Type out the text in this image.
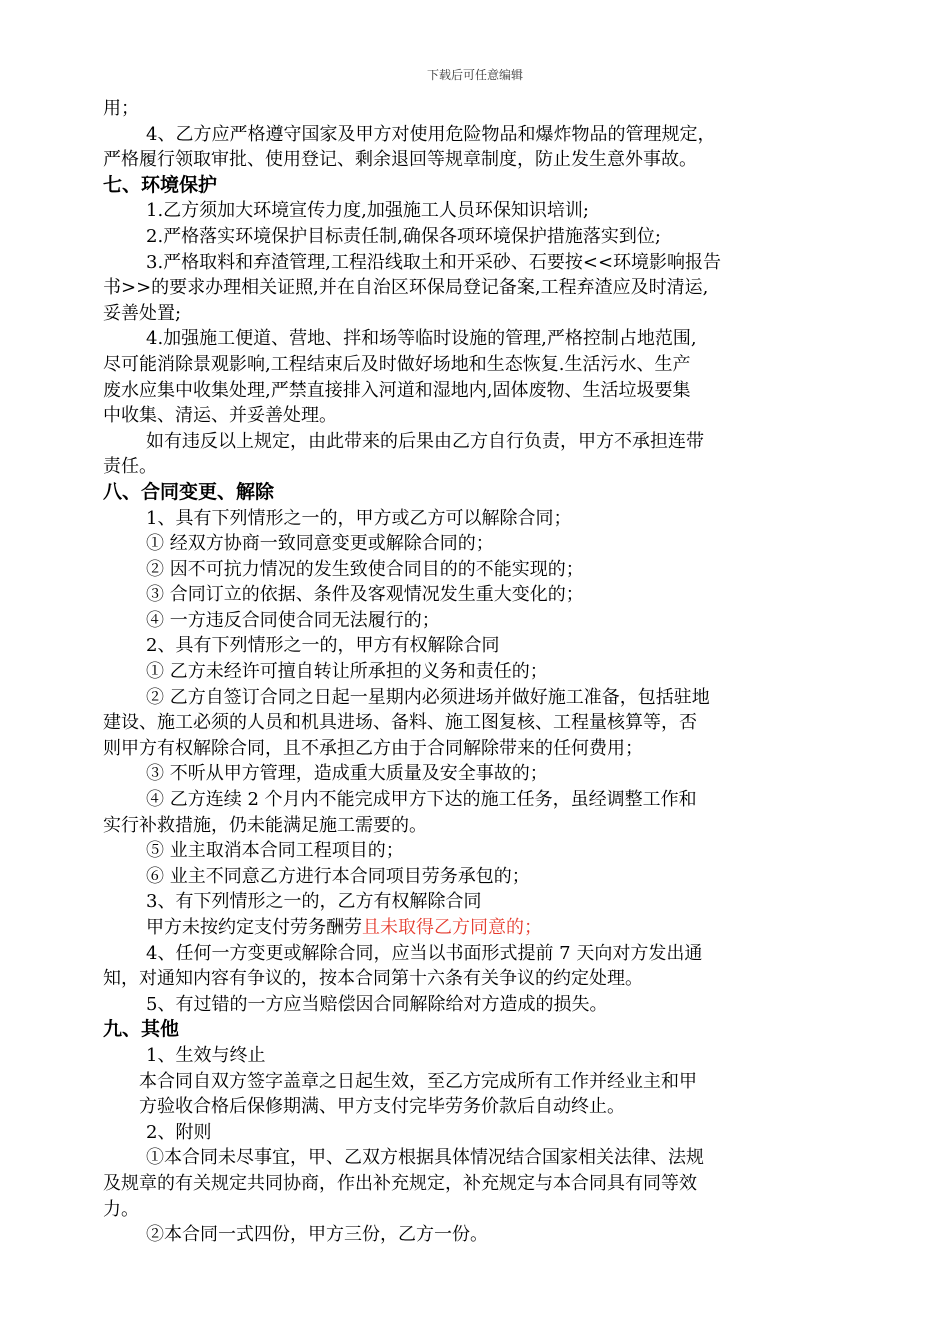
下载后可任意编辑

用；

4、乙方应严格遵守国家及甲方对使用危险物品和爆炸物品的管理规定，

严格履行领取审批、使用登记、剩余退回等规章制度，防止发生意外事故。

七、环境保护

1.乙方须加大环境宣传力度,加强施工人员环保知识培训;

2.严格落实环境保护目标责任制,确保各项环境保护措施落实到位;

3.严格取料和弃渣管理,工程沿线取土和开采砂、石要按<<环境影响报告

书>>的要求办理相关证照,并在自治区环保局登记备案,工程弃渣应及时清运,

妥善处置;

4.加强施工便道、营地、拌和场等临时设施的管理,严格控制占地范围,

尽可能消除景观影响,工程结束后及时做好场地和生态恢复.生活污水、生产

废水应集中收集处理,严禁直接排入河道和湿地内,固体废物、生活垃圾要集

中收集、清运、并妥善处理。

如有违反以上规定，由此带来的后果由乙方自行负责，甲方不承担连带

责任。

八、合同变更、解除

1、具有下列情形之一的，甲方或乙方可以解除合同；

① 经双方协商一致同意变更或解除合同的；

② 因不可抗力情况的发生致使合同目的的不能实现的；

③ 合同订立的依据、条件及客观情况发生重大变化的；

④ 一方违反合同使合同无法履行的；

2、具有下列情形之一的，甲方有权解除合同

① 乙方未经许可擅自转让所承担的义务和责任的；

② 乙方自签订合同之日起一星期内必须进场并做好施工准备，包括驻地

建设、施工必须的人员和机具进场、备料、施工图复核、工程量核算等，否

则甲方有权解除合同，且不承担乙方由于合同解除带来的任何费用；

③ 不听从甲方管理，造成重大质量及安全事故的；

④ 乙方连续 2 个月内不能完成甲方下达的施工任务，虽经调整工作和

实行补救措施，仍未能满足施工需要的。

⑤ 业主取消本合同工程项目的；

⑥ 业主不同意乙方进行本合同项目劳务承包的；

3、有下列情形之一的，乙方有权解除合同

甲方未按约定支付劳务酬劳且未取得乙方同意的；

4、任何一方变更或解除合同，应当以书面形式提前 7 天向对方发出通

知，对通知内容有争议的，按本合同第十六条有关争议的约定处理。

5、有过错的一方应当赔偿因合同解除给对方造成的损失。

九、其他

1、生效与终止

本合同自双方签字盖章之日起生效，至乙方完成所有工作并经业主和甲

方验收合格后保修期满、甲方支付完毕劳务价款后自动终止。

2、附则

①本合同未尽事宜，甲、乙双方根据具体情况结合国家相关法律、法规

及规章的有关规定共同协商，作出补充规定，补充规定与本合同具有同等效

力。

②本合同一式四份，甲方三份，乙方一份。
